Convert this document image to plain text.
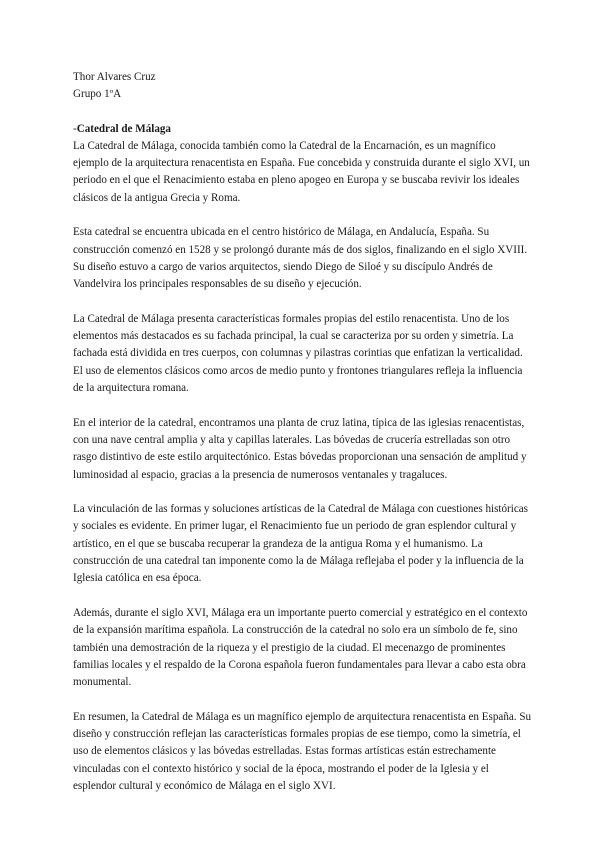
Thor Alvares Cruz
Grupo 1ºA
-Catedral de Málaga

La Catedral de Málaga, conocida también como la Catedral de la Encarnación, es un magnífico ejemplo de la arquitectura renacentista en España. Fue concebida y construida durante el siglo XVI, un periodo en el que el Renacimiento estaba en pleno apogeo en Europa y se buscaba revivir los ideales clásicos de la antigua Grecia y Roma.

Esta catedral se encuentra ubicada en el centro histórico de Málaga, en Andalucía, España. Su construcción comenzó en 1528 y se prolongó durante más de dos siglos, finalizando en el siglo XVIII. Su diseño estuvo a cargo de varios arquitectos, siendo Diego de Siloé y su discípulo Andrés de Vandelvira los principales responsables de su diseño y ejecución.

La Catedral de Málaga presenta características formales propias del estilo renacentista. Uno de los elementos más destacados es su fachada principal, la cual se caracteriza por su orden y simetría. La fachada está dividida en tres cuerpos, con columnas y pilastras corintias que enfatizan la verticalidad. El uso de elementos clásicos como arcos de medio punto y frontones triangulares refleja la influencia de la arquitectura romana.

En el interior de la catedral, encontramos una planta de cruz latina, típica de las iglesias renacentistas, con una nave central amplia y alta y capillas laterales. Las bóvedas de crucería estrelladas son otro rasgo distintivo de este estilo arquitectónico. Estas bóvedas proporcionan una sensación de amplitud y luminosidad al espacio, gracias a la presencia de numerosos ventanales y tragaluces.

La vinculación de las formas y soluciones artísticas de la Catedral de Málaga con cuestiones históricas y sociales es evidente. En primer lugar, el Renacimiento fue un periodo de gran esplendor cultural y artístico, en el que se buscaba recuperar la grandeza de la antigua Roma y el humanismo. La construcción de una catedral tan imponente como la de Málaga reflejaba el poder y la influencia de la Iglesia católica en esa época.

Además, durante el siglo XVI, Málaga era un importante puerto comercial y estratégico en el contexto de la expansión marítima española. La construcción de la catedral no solo era un símbolo de fe, sino también una demostración de la riqueza y el prestigio de la ciudad. El mecenazgo de prominentes familias locales y el respaldo de la Corona española fueron fundamentales para llevar a cabo esta obra monumental.

En resumen, la Catedral de Málaga es un magnífico ejemplo de arquitectura renacentista en España. Su diseño y construcción reflejan las características formales propias de ese tiempo, como la simetría, el uso de elementos clásicos y las bóvedas estrelladas. Estas formas artísticas están estrechamente vinculadas con el contexto histórico y social de la época, mostrando el poder de la Iglesia y el esplendor cultural y económico de Málaga en el siglo XVI.
